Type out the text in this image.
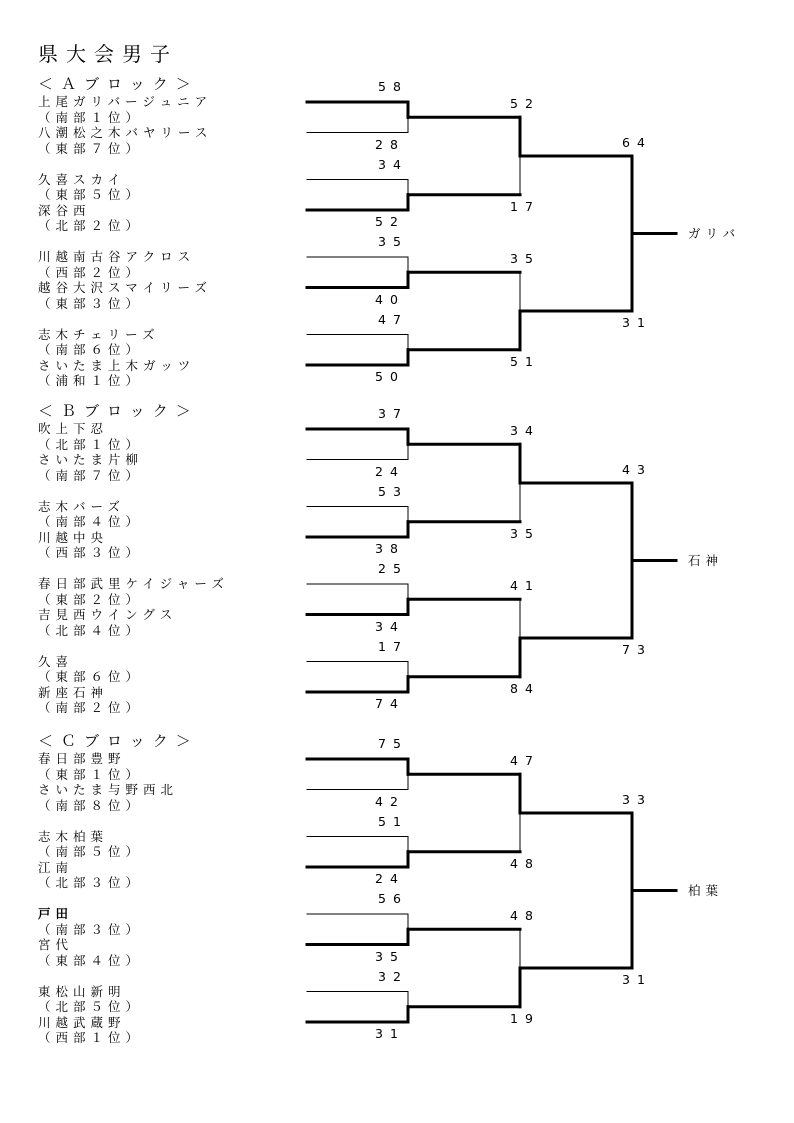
県大会男子
＜Ａブロック＞
上尾ガリバージュニア
（南部１位）
八潮松之木バヤリース
（東部７位）
久喜スカイ
（東部５位）
深谷西
（北部２位）
川越南古谷アクロス
（西部２位）
越谷大沢スマイリーズ
（東部３位）
志木チェリーズ
（南部６位）
さいたま上木ガッツ
（浦和１位）
58
28
34
52
35
40
47
50
52
17
35
51
64
31
ガリバ
＜Ｂブロック＞
吹上下忍
（北部１位）
さいたま片柳
（南部７位）
志木バーズ
（南部４位）
川越中央
（西部３位）
春日部武里ケイジャーズ
（東部２位）
吉見西ウイングス
（北部４位）
久喜
（東部６位）
新座石神
（南部２位）
37
24
53
38
25
34
17
74
34
35
41
84
43
73
石神
＜Ｃブロック＞
春日部豊野
（東部１位）
さいたま与野西北
（南部８位）
志木柏葉
（南部５位）
江南
（北部３位）
戸田
（南部３位）
宮代
（東部４位）
東松山新明
（北部５位）
川越武蔵野
（西部１位）
75
42
51
24
56
35
32
31
47
48
48
19
33
31
柏葉
